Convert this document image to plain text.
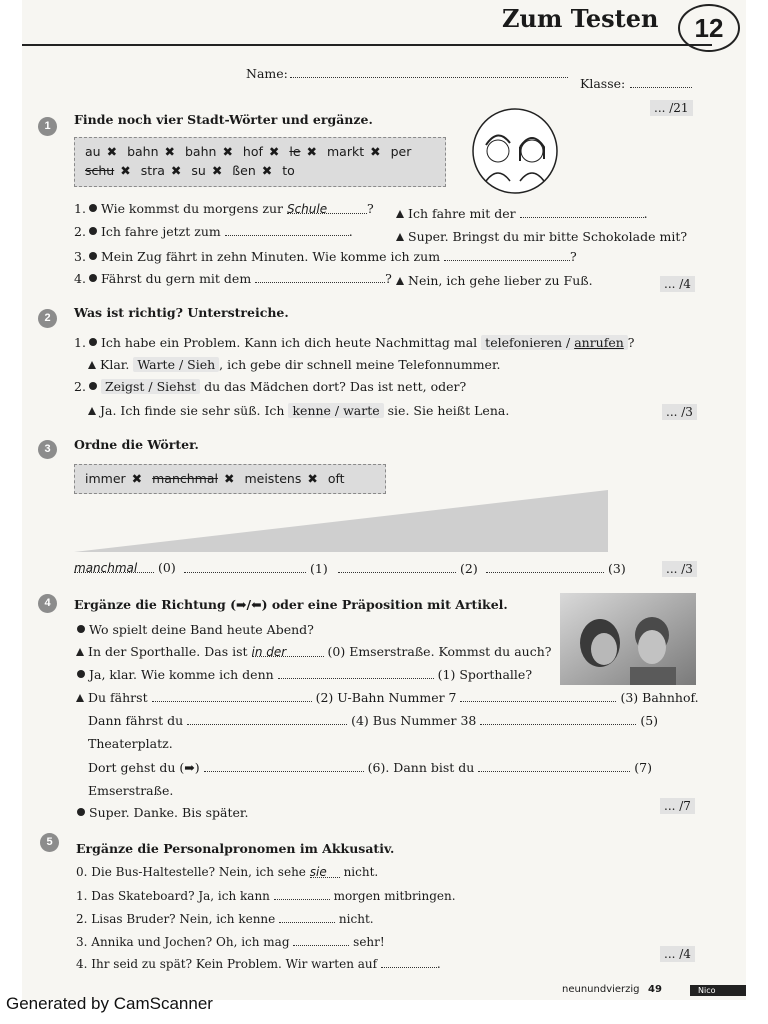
Zum Testen	12
Name:
Klasse:
... /21
1	Finde noch vier Stadt-Wörter und ergänze.
au ✖ bahn ✖ bahn ✖ hof ✖ le ✖ markt ✖ per
schu ✖ stra ✖ su ✖ ßen ✖ to
1. Wie kommst du morgens zur Schule	?	Ich fahre mit der	.
2. Ich fahre jetzt zum	.	Super. Bringst du mir bitte Schokolade mit?
3. Mein Zug fährt in zehn Minuten. Wie komme ich zum	?
4. Fährst du gern mit dem	?	Nein, ich gehe lieber zu Fuß.	... /4
2	Was ist richtig? Unterstreiche.
1. Ich habe ein Problem. Kann ich dich heute Nachmittag mal telefonieren / anrufen ?
Klar. Warte / Sieh , ich gebe dir schnell meine Telefonnummer.
2. Zeigst / Siehst du das Mädchen dort? Das ist nett, oder?
Ja. Ich finde sie sehr süß. Ich kenne / warte sie. Sie heißt Lena.	... /3
3	Ordne die Wörter.
immer ✖ manchmal ✖ meistens ✖ oft
manchmal (0)	(1)	(2)	(3)	... /3
4	Ergänze die Richtung (➡/⬅) oder eine Präposition mit Artikel.
Wo spielt deine Band heute Abend?
In der Sporthalle. Das ist in der	(0) Emserstraße. Kommst du auch?
Ja, klar. Wie komme ich denn	(1) Sporthalle?
Du fährst	(2) U-Bahn Nummer 7	(3) Bahnhof.
Dann fährst du	(4) Bus Nummer 38	(5)
Theaterplatz.
Dort gehst du (➡)	(6). Dann bist du	(7)
Emserstraße.
Super. Danke. Bis später.	... /7
5	Ergänze die Personalpronomen im Akkusativ.
0. Die Bus-Haltestelle? Nein, ich sehe sie nicht.
1. Das Skateboard? Ja, ich kann	morgen mitbringen.
2. Lisas Bruder? Nein, ich kenne	nicht.
3. Annika und Jochen? Oh, ich mag	sehr!
4. Ihr seid zu spät? Kein Problem. Wir warten auf	.
... /4
neunundvierzig 49	Nico
Generated by CamScanner
